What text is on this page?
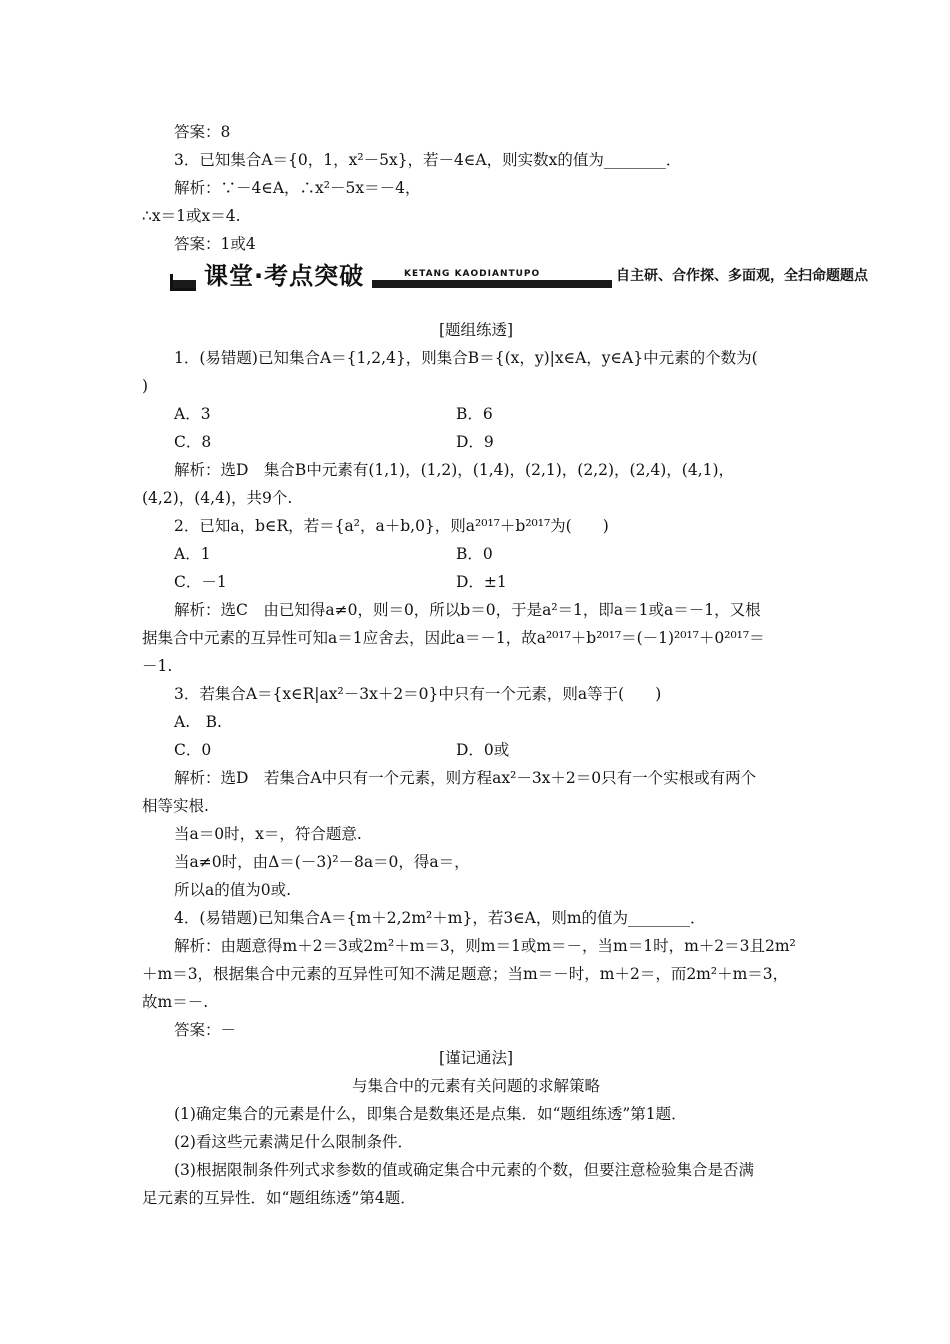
答案：8
3．已知集合A＝{0，1，x²－5x}，若－4∈A，则实数x的值为________．
解析：∵－4∈A，∴x²－5x＝－4，
∴x＝1或x＝4.
答案：1或4
课堂·考点突破	KETANG KAODIANTUPO	自主研、合作探、多面观，全扫命题题点
[题组练透]
1．(易错题)已知集合A＝{1,2,4}，则集合B＝{(x，y)|x∈A，y∈A}中元素的个数为(
)
A．3	B．6
C．8	D．9
解析：选D　集合B中元素有(1,1)，(1,2)，(1,4)，(2,1)，(2,2)，(2,4)，(4,1)，
(4,2)，(4,4)，共9个.
2．已知a，b∈R，若＝{a²，a＋b,0}，则a²⁰¹⁷＋b²⁰¹⁷为(　　)
A．1	B．0
C．－1	D．±1
解析：选C　由已知得a≠0，则＝0，所以b＝0，于是a²＝1，即a＝1或a＝－1，又根
据集合中元素的互异性可知a＝1应舍去，因此a＝－1，故a²⁰¹⁷＋b²⁰¹⁷＝(－1)²⁰¹⁷＋0²⁰¹⁷＝
－1.
3．若集合A＝{x∈R|ax²－3x＋2＝0}中只有一个元素，则a等于(　　)
A.　B.
C．0	D．0或
解析：选D　若集合A中只有一个元素，则方程ax²－3x＋2＝0只有一个实根或有两个
相等实根.
当a＝0时，x＝，符合题意.
当a≠0时，由Δ＝(－3)²－8a＝0，得a＝，
所以a的值为0或.
4．(易错题)已知集合A＝{m＋2,2m²＋m}，若3∈A，则m的值为________．
解析：由题意得m＋2＝3或2m²＋m＝3，则m＝1或m＝－，当m＝1时，m＋2＝3且2m²
＋m＝3，根据集合中元素的互异性可知不满足题意；当m＝－时，m＋2＝，而2m²＋m＝3，
故m＝－.
答案：－
[谨记通法]
与集合中的元素有关问题的求解策略
(1)确定集合的元素是什么，即集合是数集还是点集．如“题组练透”第1题．
(2)看这些元素满足什么限制条件．
(3)根据限制条件列式求参数的值或确定集合中元素的个数，但要注意检验集合是否满
足元素的互异性．如“题组练透”第4题．
